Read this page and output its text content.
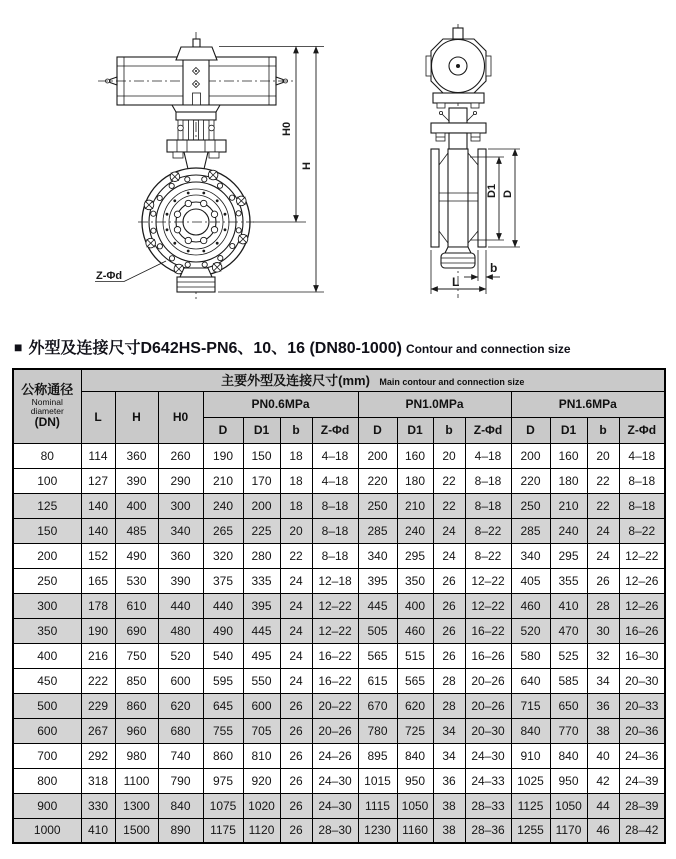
Z-Φd
H0
H
D1 D
b
L
■ 外型及连接尺寸D642HS-PN6、10、16 (DN80-1000) Contour and connection size
公称通径
Nominal diameter
(DN)	主要外型及连接尺寸(mm) Main contour and connection size														
	L	H	H0	PN0.6MPa				PN1.0MPa				PN1.6MPa			
				D	D1	b	Z-Φd	D	D1	b	Z-Φd	D	D1	b	Z-Φd
80	114	360	260	190	150	18	4–18	200	160	20	4–18	200	160	20	4–18
100	127	390	290	210	170	18	4–18	220	180	22	8–18	220	180	22	8–18
125	140	400	300	240	200	18	8–18	250	210	22	8–18	250	210	22	8–18
150	140	485	340	265	225	20	8–18	285	240	24	8–22	285	240	24	8–22
200	152	490	360	320	280	22	8–18	340	295	24	8–22	340	295	24	12–22
250	165	530	390	375	335	24	12–18	395	350	26	12–22	405	355	26	12–26
300	178	610	440	440	395	24	12–22	445	400	26	12–22	460	410	28	12–26
350	190	690	480	490	445	24	12–22	505	460	26	16–22	520	470	30	16–26
400	216	750	520	540	495	24	16–22	565	515	26	16–26	580	525	32	16–30
450	222	850	600	595	550	24	16–22	615	565	28	20–26	640	585	34	20–30
500	229	860	620	645	600	26	20–22	670	620	28	20–26	715	650	36	20–33
600	267	960	680	755	705	26	20–26	780	725	34	20–30	840	770	38	20–36
700	292	980	740	860	810	26	24–26	895	840	34	24–30	910	840	40	24–36
800	318	1100	790	975	920	26	24–30	1015	950	36	24–33	1025	950	42	24–39
900	330	1300	840	1075	1020	26	24–30	1115	1050	38	28–33	1125	1050	44	28–39
1000	410	1500	890	1175	1120	26	28–30	1230	1160	38	28–36	1255	1170	46	28–42
